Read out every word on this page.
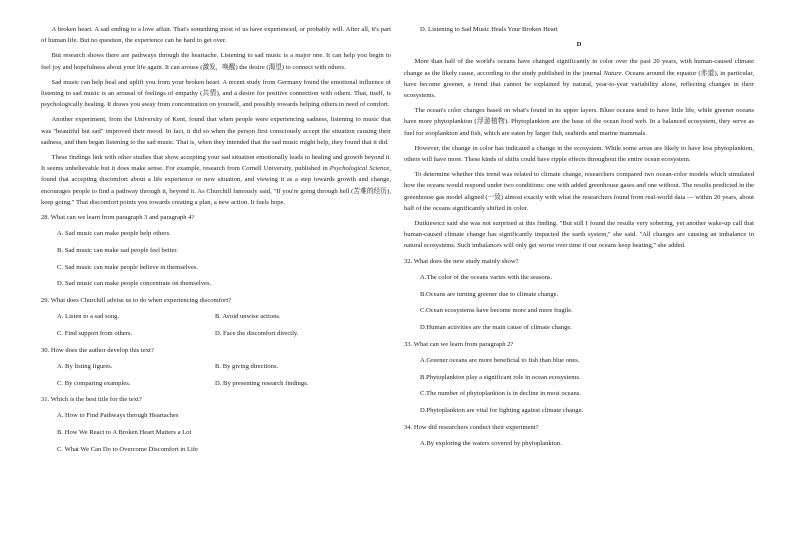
A broken heart. A sad ending to a love affair. That's something most of us have experienced, or probably will. After all, it's part of human life. But no question, the experience can be hard to get over.

But research shows there are pathways through the heartache. Listening to sad music is a major one. It can help you begin to feel joy and hopefulness about your life again. It can arouse (激发，唤醒) the desire (渴望) to connect with others.

Sad music can help heal and uplift you from your broken heart. A recent study from Germany found the emotional influence of listening to sad music is an arousal of feelings of empathy (共情), and a desire for positive connection with others. That, itself, is psychologically healing. It draws you away from concentration on yourself, and possibly towards helping others in need of comfort.

Another experiment, from the University of Kent, found that when people were experiencing sadness, listening to music that was "beautiful but sad" improved their mood. In fact, it did so when the person first consciously accept the situation causing their sadness, and then began listening to the sad music. That is, when they intended that the sad music might help, they found that it did.

These findings link with other studies that show accepting your sad situation emotionally leads to healing and growth beyond it. It seems unbelievable but it does make sense. For example, research from Cornell University, published in Psychological Science, found that accepting discomfort about a life experience or new situation, and viewing it as a step towards growth and change, encourages people to find a pathway through it, beyond it. As Churchill famously said, "If you're going through hell (苦难的经历), keep going." That discomfort points you towards creating a plan, a new action. It fuels hope.

28. What can we learn from paragraph 3 and paragraph 4?
A. Sad music can make people help others.
B. Sad music can make sad people feel better.
C. Sad music can make people believe in themselves.
D. Sad music can make people concentrate on themselves.
29. What does Churchill advise us to do when experiencing discomfort?
A. Listen to a sad song.	B. Avoid unwise actions.
C. Find support from others.	D. Face the discomfort directly.
30. How does the author develop this text?
A. By listing figures.	B. By giving directions.
C. By comparing examples.	D. By presenting research findings.
31. Which is the best title for the text?
A. How to Find Pathways through Heartaches
B. How We React to A Broken Heart Matters a Lot
C. What We Can Do to Overcome Discomfort in Life
D. Listening to Sad Music Heals Your Broken Heart
D

More than half of the world's oceans have changed significantly in color over the past 20 years, with human-caused climate change as the likely cause, according to the study published in the journal Nature. Oceans around the equator (赤道), in particular, have become greener, a trend that cannot be explained by natural, year-to-year variability alone, reflecting changes in their ecosystems.

The ocean's color changes based on what's found in its upper layers. Bluer oceans tend to have little life, while greener oceans have more phytoplankton (浮游植物). Phytoplankton are the base of the ocean food web. In a balanced ecosystem, they serve as fuel for zooplankton and fish, which are eaten by larger fish, seabirds and marine mammals.

However, the change in color has indicated a change in the ecosystem. While some areas are likely to have less phytoplankton, others will have more. These kinds of shifts could have ripple effects throughout the entire ocean ecosystem.

To determine whether this trend was related to climate change, researchers compared two ocean-color models which simulated how the oceans would respond under two conditions: one with added greenhouse gases and one without. The results predicted in the greenhouse gas model aligned (一致) almost exactly with what the researchers found from real-world data — within 20 years, about half of the oceans significantly shifted in color.

Dutkiewicz said she was not surprised at this finding. "But still I found the results very sobering, yet another wake-up call that human-caused climate change has significantly impacted the earth system," she said. "All changes are causing an imbalance in natural ecosystems. Such imbalances will only get worse over time if our oceans keep heating," she added.

32. What does the new study mainly show?
A.The color of the oceans varies with the seasons.
B.Oceans are turning greener due to climate change.
C.Ocean ecosystems have become more and more fragile.
D.Human activities are the main cause of climate change.
33. What can we learn from paragraph 2?
A.Greener oceans are more beneficial to fish than blue ones.
B.Phytoplankton play a significant role in ocean ecosystems.
C.The number of phytoplankton is in decline in most oceans.
D.Phytoplankton are vital for fighting against climate change.
34. How did researchers conduct their experiment?
A.By exploring the waters covered by phytoplankton.
